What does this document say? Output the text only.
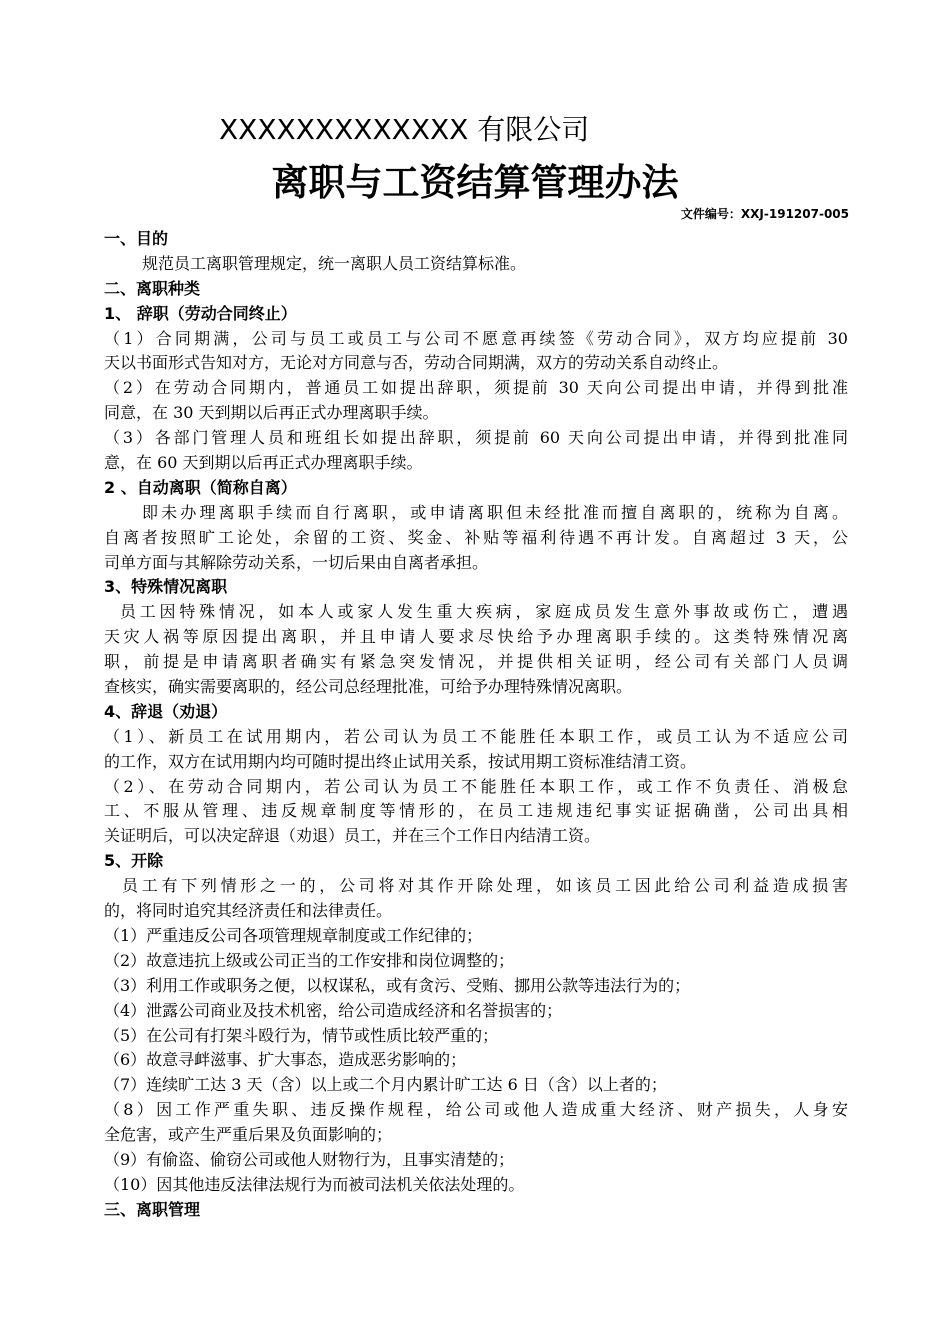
XXXXXXXXXXXXX 有限公司
离职与工资结算管理办法
文件编号：XXJ-191207-005
一、目的
规范员工离职管理规定，统一离职人员工资结算标准。
二、离职种类
1、 辞职（劳动合同终止）
（1）合同期满，公司与员工或员工与公司不愿意再续签《劳动合同》，双方均应提前 30
天以书面形式告知对方，无论对方同意与否，劳动合同期满，双方的劳动关系自动终止。
（2）在劳动合同期内，普通员工如提出辞职，须提前 30 天向公司提出申请，并得到批准
同意，在 30 天到期以后再正式办理离职手续。
（3）各部门管理人员和班组长如提出辞职，须提前 60 天向公司提出申请，并得到批准同
意，在 60 天到期以后再正式办理离职手续。
2 、自动离职（简称自离）
即未办理离职手续而自行离职，或申请离职但未经批准而擅自离职的，统称为自离。
自离者按照旷工论处，余留的工资、奖金、补贴等福利待遇不再计发。自离超过 3 天，公
司单方面与其解除劳动关系，一切后果由自离者承担。
3、特殊情况离职
员工因特殊情况，如本人或家人发生重大疾病，家庭成员发生意外事故或伤亡，遭遇
天灾人祸等原因提出离职，并且申请人要求尽快给予办理离职手续的。这类特殊情况离
职，前提是申请离职者确实有紧急突发情况，并提供相关证明，经公司有关部门人员调
查核实，确实需要离职的，经公司总经理批准，可给予办理特殊情况离职。
4、辞退（劝退）
（1）、新员工在试用期内，若公司认为员工不能胜任本职工作，或员工认为不适应公司
的工作，双方在试用期内均可随时提出终止试用关系，按试用期工资标准结清工资。
（2）、在劳动合同期内，若公司认为员工不能胜任本职工作，或工作不负责任、消极怠
工、不服从管理、违反规章制度等情形的，在员工违规违纪事实证据确凿，公司出具相
关证明后，可以决定辞退（劝退）员工，并在三个工作日内结清工资。
5、开除
员工有下列情形之一的，公司将对其作开除处理，如该员工因此给公司利益造成损害
的，将同时追究其经济责任和法律责任。
（1）严重违反公司各项管理规章制度或工作纪律的；
（2）故意违抗上级或公司正当的工作安排和岗位调整的；
（3）利用工作或职务之便，以权谋私，或有贪污、受贿、挪用公款等违法行为的；
（4）泄露公司商业及技术机密，给公司造成经济和名誉损害的；
（5）在公司有打架斗殴行为，情节或性质比较严重的；
（6）故意寻衅滋事、扩大事态，造成恶劣影响的；
（7）连续旷工达 3 天（含）以上或二个月内累计旷工达 6 日（含）以上者的；
（8）因工作严重失职、违反操作规程，给公司或他人造成重大经济、财产损失，人身安
全危害，或产生严重后果及负面影响的；
（9）有偷盗、偷窃公司或他人财物行为，且事实清楚的；
（10）因其他违反法律法规行为而被司法机关依法处理的。
三、离职管理
